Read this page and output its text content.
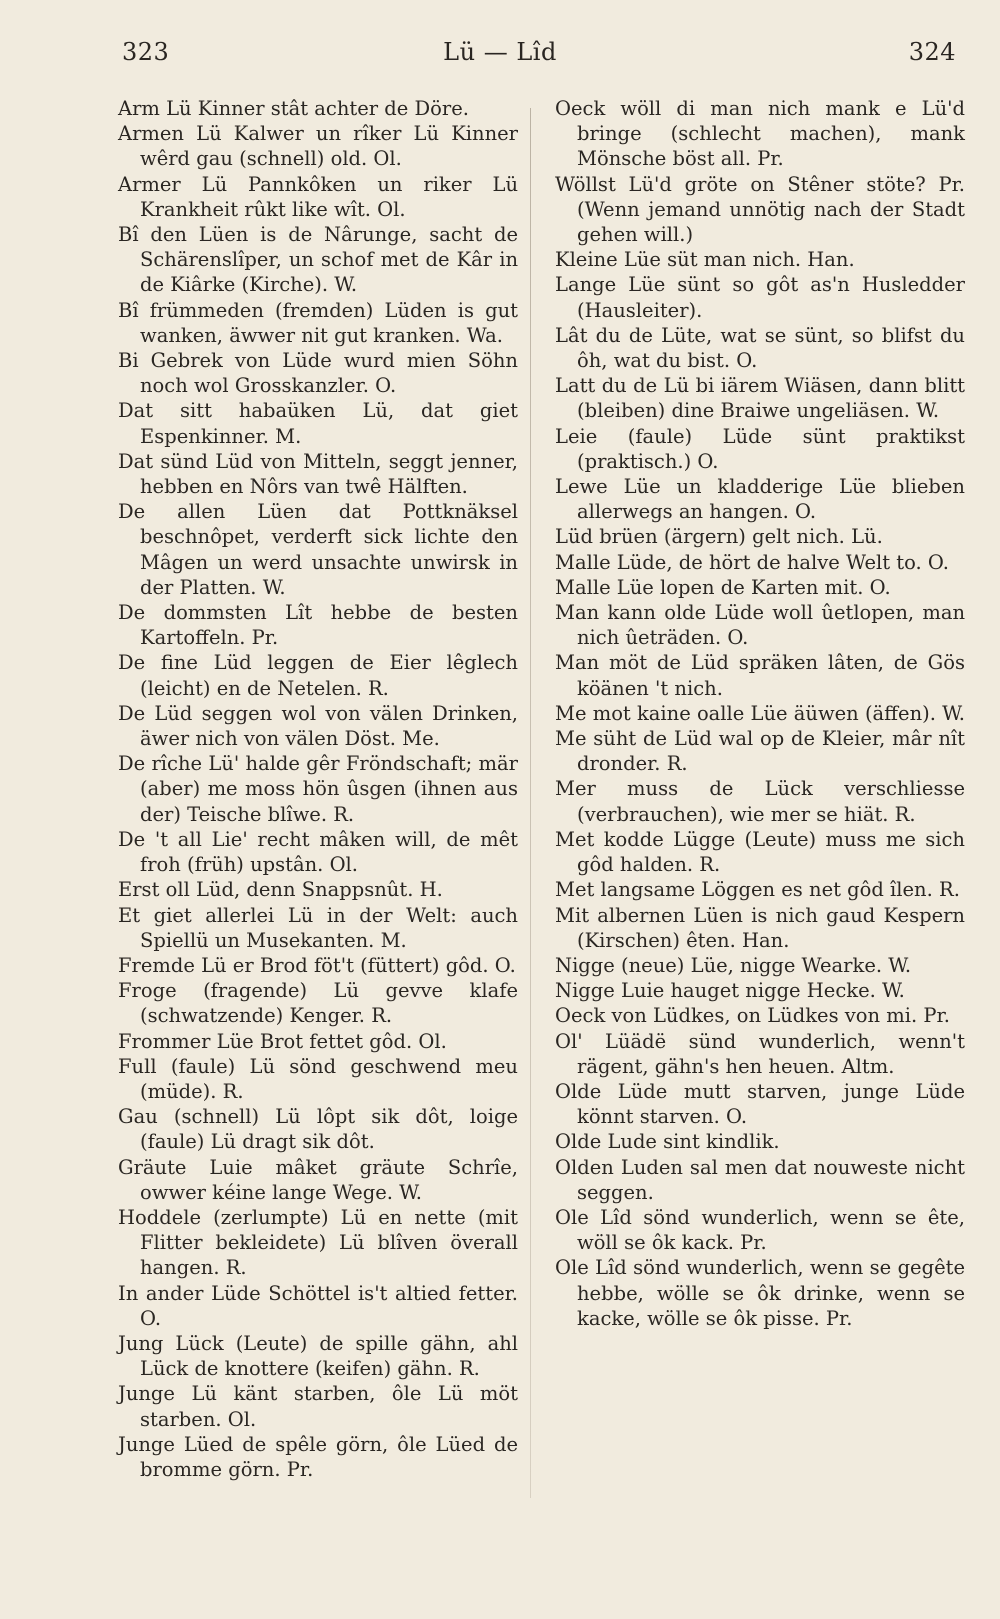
323	Lü — Lîd	324

Arm Lü Kinner stât achter de Döre.

Armen Lü Kalwer un rîker Lü Kinner wêrd gau (schnell) old. Ol.

Armer Lü Pannkôken un riker Lü Krankheit rûkt like wît. Ol.

Bî den Lüen is de Nârunge, sacht de Schärenslîper, un schof met de Kâr in de Kiârke (Kirche). W.

Bî frümmeden (fremden) Lüden is gut wanken, äwwer nit gut kranken. Wa.

Bi Gebrek von Lüde wurd mien Söhn noch wol Grosskanzler. O.

Dat sitt habaüken Lü, dat giet Espenkinner. M.

Dat sünd Lüd von Mitteln, seggt jenner, hebben en Nôrs van twê Hälften.

De allen Lüen dat Pottknäksel beschnôpet, verderft sick lichte den Mâgen un werd unsachte unwirsk in der Platten. W.

De dommsten Lît hebbe de besten Kartoffeln. Pr.

De fine Lüd leggen de Eier lêglech (leicht) en de Netelen. R.

De Lüd seggen wol von välen Drinken, äwer nich von välen Döst. Me.

De rîche Lü' halde gêr Fröndschaft; mär (aber) me moss hön ûsgen (ihnen aus der) Teische blîwe. R.

De 't all Lie' recht mâken will, de mêt froh (früh) upstân. Ol.

Erst oll Lüd, denn Snappsnût. H.

Et giet allerlei Lü in der Welt: auch Spiellü un Musekanten. M.

Fremde Lü er Brod föt't (füttert) gôd. O.

Froge (fragende) Lü gevve klafe (schwatzende) Kenger. R.

Frommer Lüe Brot fettet gôd. Ol.

Full (faule) Lü sönd geschwend meu (müde). R.

Gau (schnell) Lü lôpt sik dôt, loige (faule) Lü dragt sik dôt.

Gräute Luie mâket gräute Schrîe, owwer kéine lange Wege. W.

Hoddele (zerlumpte) Lü en nette (mit Flitter bekleidete) Lü blîven överall hangen. R.

In ander Lüde Schöttel is't altied fetter. O.

Jung Lück (Leute) de spille gähn, ahl Lück de knottere (keifen) gähn. R.

Junge Lü känt starben, ôle Lü möt starben. Ol.

Junge Lüed de spêle görn, ôle Lüed de bromme görn. Pr.

Oeck wöll di man nich mank e Lü'd bringe (schlecht machen), mank Mönsche böst all. Pr.

Wöllst Lü'd gröte on Stêner stöte? Pr. (Wenn jemand unnötig nach der Stadt gehen will.)

Kleine Lüe süt man nich. Han.

Lange Lüe sünt so gôt as'n Husledder (Hausleiter).

Lât du de Lüte, wat se sünt, so blifst du ôh, wat du bist. O.

Latt du de Lü bi iärem Wiäsen, dann blitt (bleiben) dine Braiwe ungeliäsen. W.

Leie (faule) Lüde sünt praktikst (praktisch.) O.

Lewe Lüe un kladderige Lüe blieben allerwegs an hangen. O.

Lüd brüen (ärgern) gelt nich. Lü.

Malle Lüde, de hört de halve Welt to. O.

Malle Lüe lopen de Karten mit. O.

Man kann olde Lüde woll ûetlopen, man nich ûeträden. O.

Man möt de Lüd spräken lâten, de Gös köänen 't nich.

Me mot kaine oalle Lüe äüwen (äffen). W.

Me süht de Lüd wal op de Kleier, mâr nît dronder. R.

Mer muss de Lück verschliesse (verbrauchen), wie mer se hiät. R.

Met kodde Lügge (Leute) muss me sich gôd halden. R.

Met langsame Löggen es net gôd îlen. R.

Mit albernen Lüen is nich gaud Kespern (Kirschen) êten. Han.

Nigge (neue) Lüe, nigge Wearke. W.

Nigge Luie hauget nigge Hecke. W.

Oeck von Lüdkes, on Lüdkes von mi. Pr.

Ol' Lüädë sünd wunderlich, wenn't rägent, gähn's hen heuen. Altm.

Olde Lüde mutt starven, junge Lüde könnt starven. O.

Olde Lude sint kindlik.

Olden Luden sal men dat nouweste nicht seggen.

Ole Lîd sönd wunderlich, wenn se ête, wöll se ôk kack. Pr.

Ole Lîd sönd wunderlich, wenn se gegête hebbe, wölle se ôk drinke, wenn se kacke, wölle se ôk pisse. Pr.
